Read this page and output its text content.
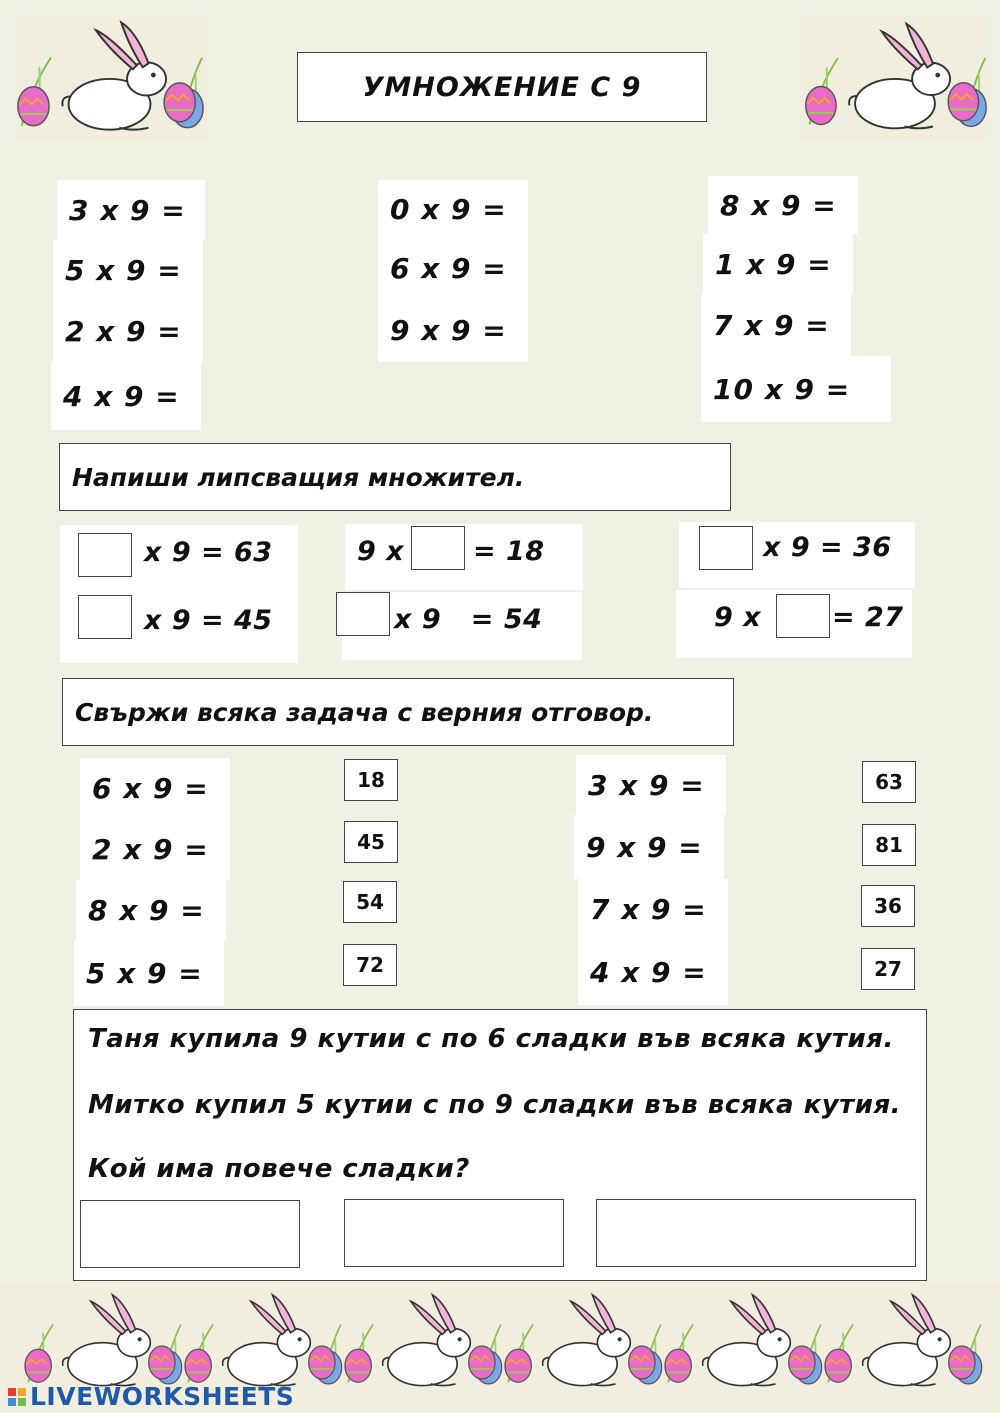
УМНОЖЕНИЕ С 9
3 x 9 =
5 x 9 =
2 x 9 =
4 x 9 =
0 x 9 =
6 x 9 =
9 x 9 =
8 x 9 =
1 x 9 =
7 x 9 =
10 x 9 =
Напиши липсващия множител.
x 9 = 63
x 9 = 45
9 x	= 18
x 9   = 54
x 9 = 36
9 x	= 27
Свържи всяка задача с верния отговор.
6 x 9 =
2 x 9 =
8 x 9 =
5 x 9 =
18
45
54
72
3 x 9 =
9 x 9 =
7 x 9 =
4 x 9 =
63
81
36
27
Таня купила 9 кутии с по 6 сладки във всяка кутия.
Митко купил 5 кутии с по 9 сладки във всяка кутия.
Кой има повече сладки?
LIVEWORKSHEETS
